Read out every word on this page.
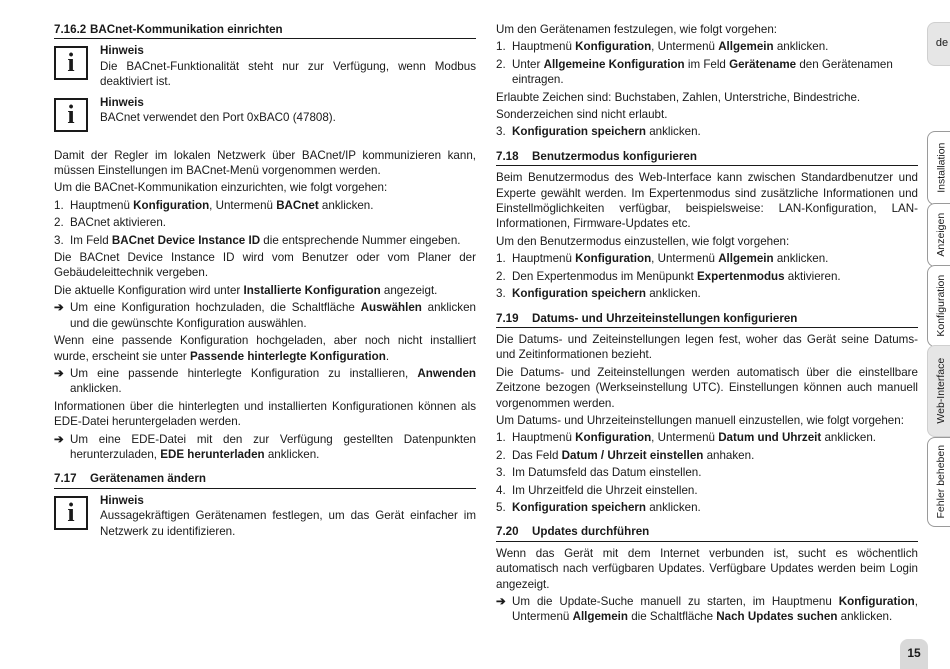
7.16.2 BACnet-Kommunikation einrichten
i Hinweis
Die BACnet-Funktionalität steht nur zur Verfügung, wenn Modbus deaktiviert ist.
i Hinweis
BACnet verwendet den Port 0xBAC0 (47808).

Damit der Regler im lokalen Netzwerk über BACnet/IP kommunizieren kann, müssen Einstellungen im BACnet-Menü vorgenommen werden.

Um die BACnet-Kommunikation einzurichten, wie folgt vorgehen:

1. Hauptmenü Konfiguration, Untermenü BACnet anklicken.
2. BACnet aktivieren.
3. Im Feld BACnet Device Instance ID die entsprechende Nummer eingeben.

Die BACnet Device Instance ID wird vom Benutzer oder vom Planer der Gebäudeleittechnik vergeben.

Die aktuelle Konfiguration wird unter Installierte Konfiguration angezeigt.

➔ Um eine Konfiguration hochzuladen, die Schaltfläche Auswählen anklicken und die gewünschte Konfiguration auswählen.

Wenn eine passende Konfiguration hochgeladen, aber noch nicht installiert wurde, erscheint sie unter Passende hinterlegte Konfiguration.

➔ Um eine passende hinterlegte Konfiguration zu installieren, Anwenden anklicken.

Informationen über die hinterlegten und installierten Konfigurationen können als EDE-Datei heruntergeladen werden.

➔ Um eine EDE-Datei mit den zur Verfügung gestellten Datenpunkten herunterzuladen, EDE herunterladen anklicken.
7.17 Gerätenamen ändern
i Hinweis
Aussagekräftigen Gerätenamen festlegen, um das Gerät einfacher im Netzwerk zu identifizieren.

Um den Gerätenamen festzulegen, wie folgt vorgehen:

1. Hauptmenü Konfiguration, Untermenü Allgemein anklicken.
2. Unter Allgemeine Konfiguration im Feld Gerätename den Gerätenamen eintragen.

Erlaubte Zeichen sind: Buchstaben, Zahlen, Unterstriche, Bindestriche.

Sonderzeichen sind nicht erlaubt.

3. Konfiguration speichern anklicken.
7.18 Benutzermodus konfigurieren

Beim Benutzermodus des Web-Interface kann zwischen Standardbenutzer und Experte gewählt werden. Im Expertenmodus sind zusätzliche Informationen und Einstellmöglichkeiten verfügbar, beispielsweise: LAN-Konfiguration, LAN-Informationen, Firmware-Updates etc.

Um den Benutzermodus einzustellen, wie folgt vorgehen:

1. Hauptmenü Konfiguration, Untermenü Allgemein anklicken.
2. Den Expertenmodus im Menüpunkt Expertenmodus aktivieren.
3. Konfiguration speichern anklicken.
7.19 Datums- und Uhrzeiteinstellungen konfigurieren

Die Datums- und Zeiteinstellungen legen fest, woher das Gerät seine Datums- und Zeitinformationen bezieht.

Die Datums- und Zeiteinstellungen werden automatisch über die einstellbare Zeitzone bezogen (Werkseinstellung UTC). Einstellungen können auch manuell vorgenommen werden.

Um Datums- und Uhrzeiteinstellungen manuell einzustellen, wie folgt vorgehen:

1. Hauptmenü Konfiguration, Untermenü Datum und Uhrzeit anklicken.
2. Das Feld Datum / Uhrzeit einstellen anhaken.
3. Im Datumsfeld das Datum einstellen.
4. Im Uhrzeitfeld die Uhrzeit einstellen.
5. Konfiguration speichern anklicken.
7.20 Updates durchführen

Wenn das Gerät mit dem Internet verbunden ist, sucht es wöchentlich automatisch nach verfügbaren Updates. Verfügbare Updates werden beim Login angezeigt.

➔ Um die Update-Suche manuell zu starten, im Hauptmenu Konfiguration, Untermenü Allgemein die Schaltfläche Nach Updates suchen anklicken.
de
Installation
Anzeigen
Konfiguration
Web-Interface
Fehler beheben
15
